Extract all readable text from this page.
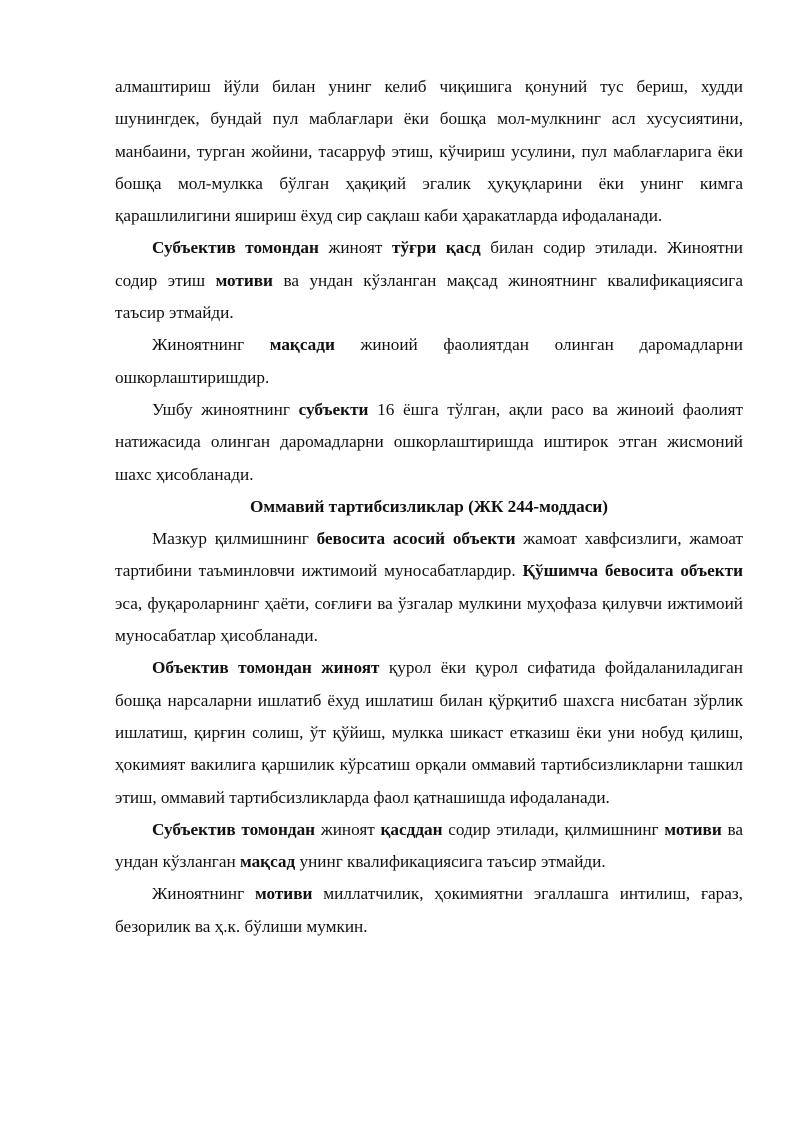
алмаштириш йўли билан унинг келиб чиқишига қонуний тус бериш, худди шунингдек, бундай пул маблағлари ёки бошқа мол-мулкнинг асл хусусиятини, манбаини, турган жойини, тасарруф этиш, кўчириш усулини, пул маблағларига ёки бошқа мол-мулкка бўлган ҳақиқий эгалик ҳуқуқларини ёки унинг кимга қарашлилигини яшириш ёхуд сир сақлаш каби ҳаракатларда ифодаланади.

Субъектив томондан жиноят тўғри қасд билан содир этилади. Жиноятни содир этиш мотиви ва ундан кўзланган мақсад жиноятнинг квалификациясига таъсир этмайди.

Жиноятнинг мақсади жиноий фаолиятдан олинган даромадларни ошкорлаштиришдир.

Ушбу жиноятнинг субъекти 16 ёшга тўлган, ақли расо ва жиноий фаолият натижасида олинган даромадларни ошкорлаштиришда иштирок этган жисмоний шахс ҳисобланади.

Оммавий тартибсизликлар (ЖК 244-моддаси)

Мазкур қилмишнинг бевосита асосий объекти жамоат хавфсизлиги, жамоат тартибини таъминловчи ижтимоий муносабатлардир. Қўшимча бевосита объекти эса, фуқароларнинг ҳаёти, соғлиғи ва ўзгалар мулкини муҳофаза қилувчи ижтимоий муносабатлар ҳисобланади.

Объектив томондан жиноят қурол ёки қурол сифатида фойдаланиладиган бошқа нарсаларни ишлатиб ёхуд ишлатиш билан қўрқитиб шахсга нисбатан зўрлик ишлатиш, қирғин солиш, ўт қўйиш, мулкка шикаст етказиш ёки уни нобуд қилиш, ҳокимият вакилига қаршилик кўрсатиш орқали оммавий тартибсизликларни ташкил этиш, оммавий тартибсизликларда фаол қатнашишда ифодаланади.

Субъектив томондан жиноят қасддан содир этилади, қилмишнинг мотиви ва ундан кўзланган мақсад унинг квалификациясига таъсир этмайди.

Жиноятнинг мотиви миллатчилик, ҳокимиятни эгаллашга интилиш, ғараз, безорилик ва ҳ.к. бўлиши мумкин.
